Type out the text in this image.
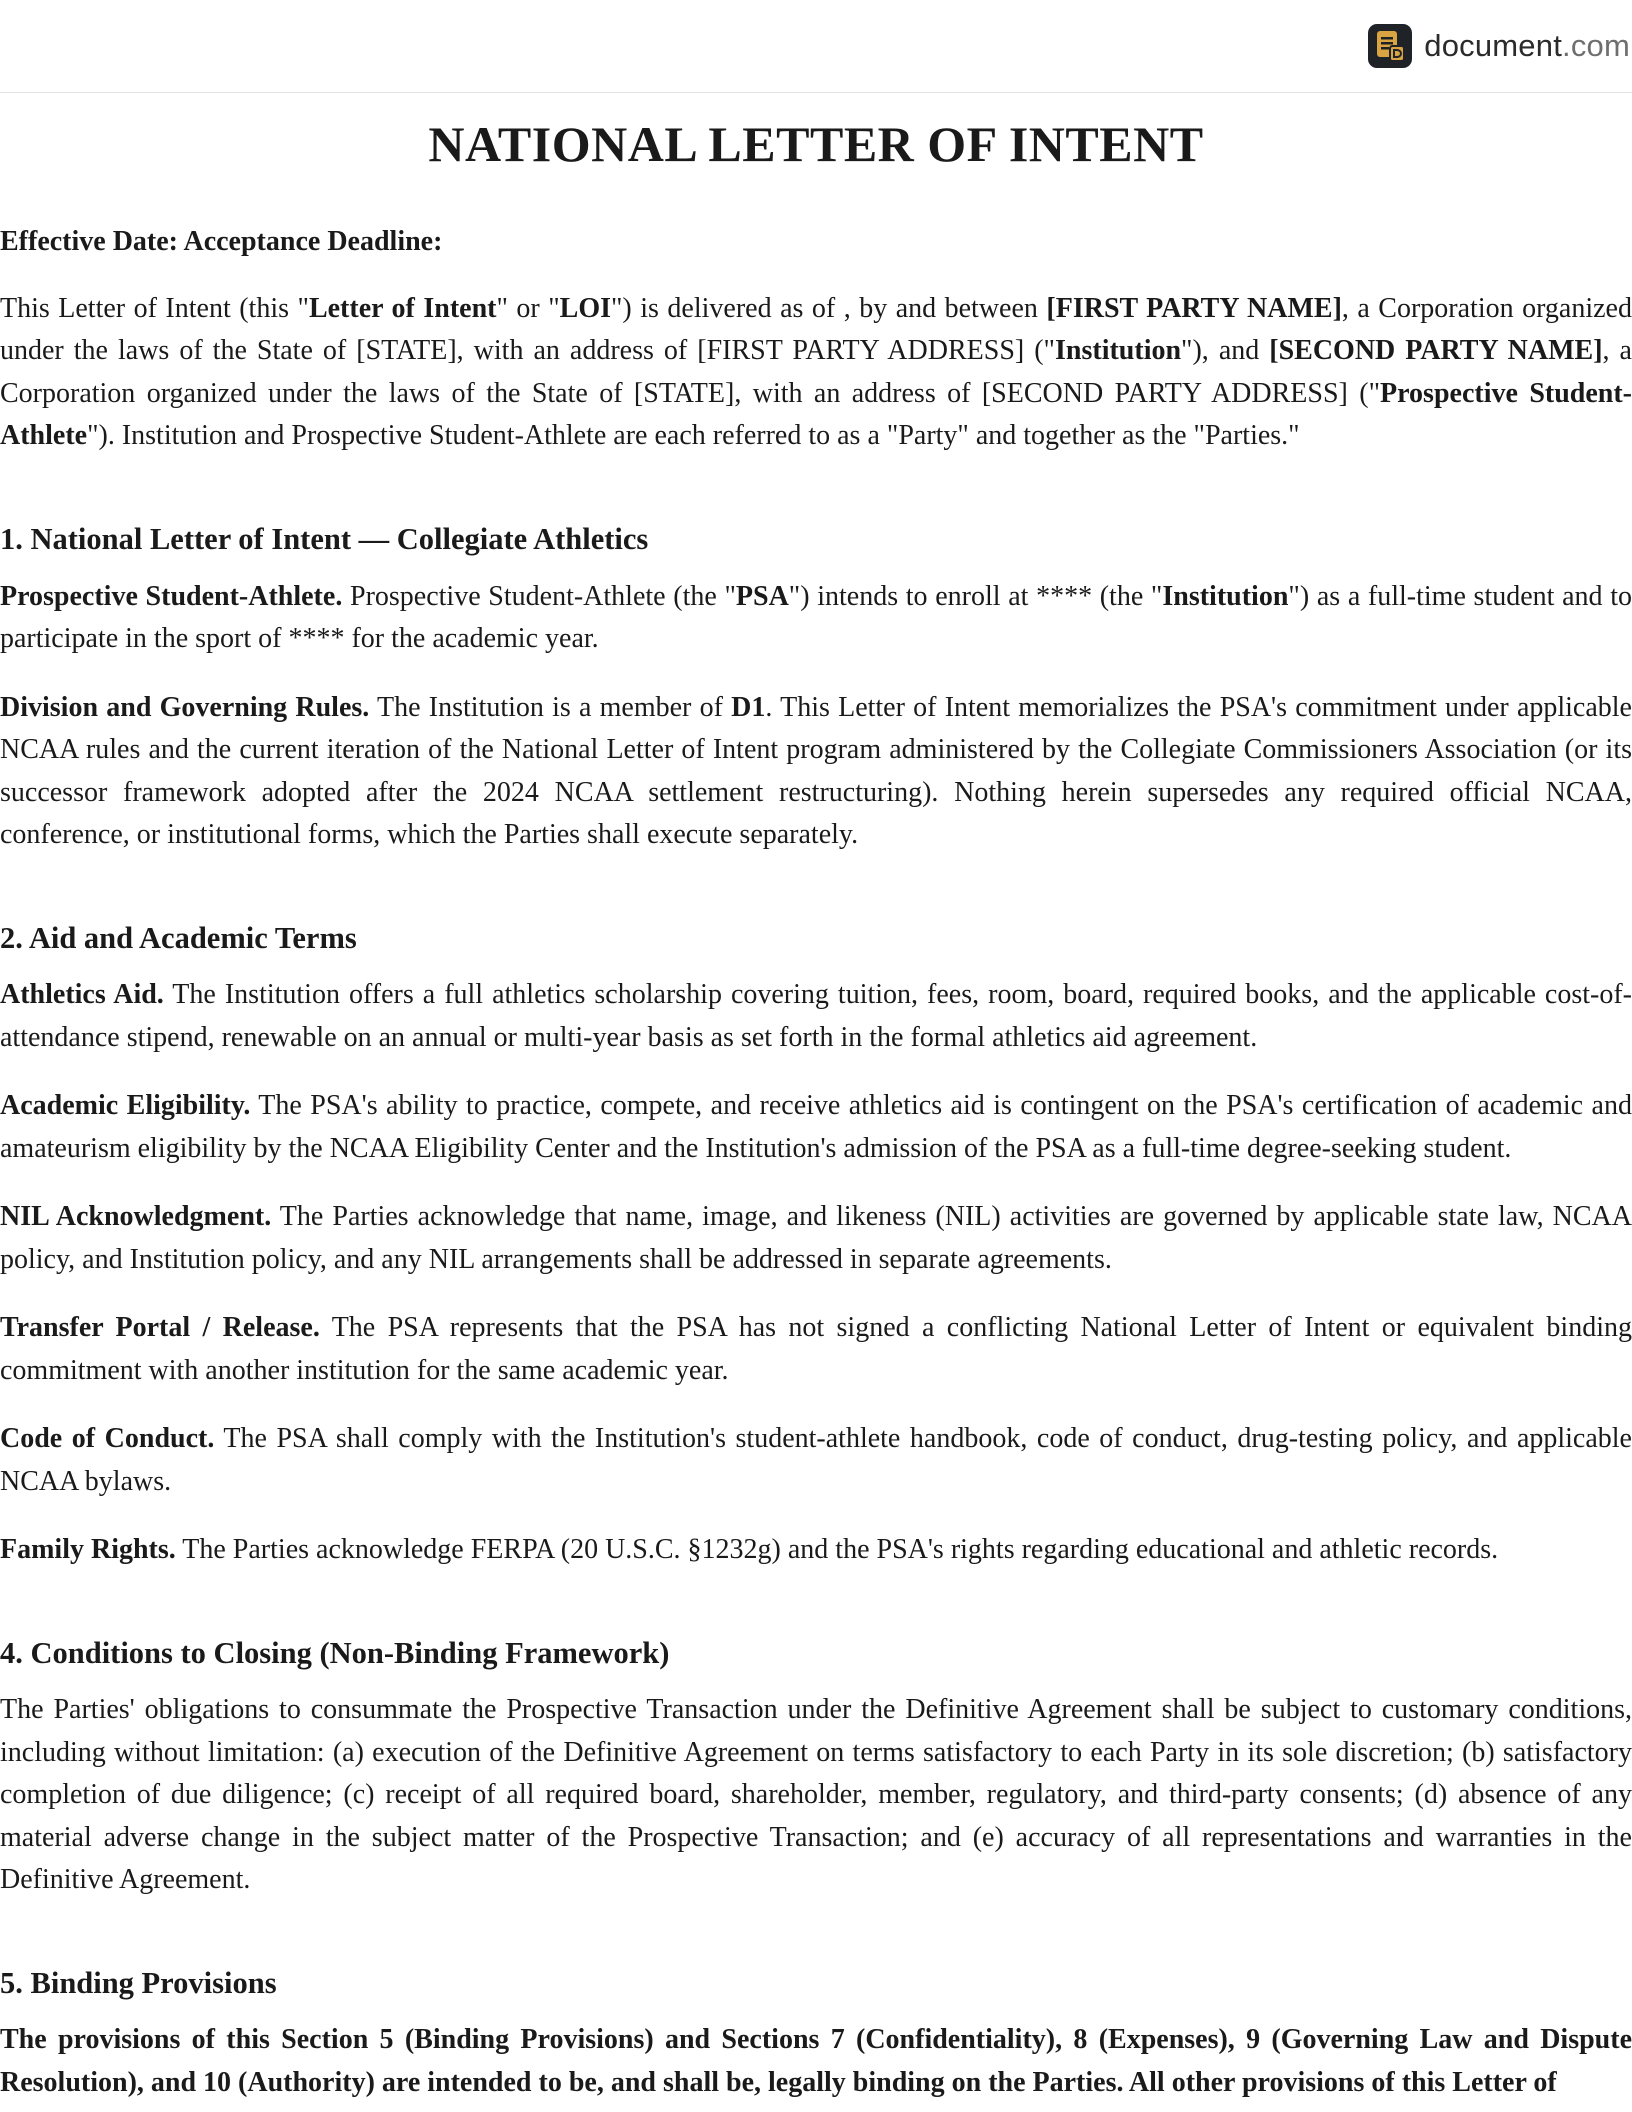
document.com
NATIONAL LETTER OF INTENT
Effective Date: Acceptance Deadline:

This Letter of Intent (this "Letter of Intent" or "LOI") is delivered as of , by and between [FIRST PARTY NAME], a Corporation organized under the laws of the State of [STATE], with an address of [FIRST PARTY ADDRESS] ("Institution"), and [SECOND PARTY NAME], a Corporation organized under the laws of the State of [STATE], with an address of [SECOND PARTY ADDRESS] ("Prospective Student-Athlete"). Institution and Prospective Student-Athlete are each referred to as a "Party" and together as the "Parties."

1. National Letter of Intent — Collegiate Athletics

Prospective Student-Athlete. Prospective Student-Athlete (the "PSA") intends to enroll at **** (the "Institution") as a full-time student and to participate in the sport of **** for the academic year.

Division and Governing Rules. The Institution is a member of D1. This Letter of Intent memorializes the PSA's commitment under applicable NCAA rules and the current iteration of the National Letter of Intent program administered by the Collegiate Commissioners Association (or its successor framework adopted after the 2024 NCAA settlement restructuring). Nothing herein supersedes any required official NCAA, conference, or institutional forms, which the Parties shall execute separately.

2. Aid and Academic Terms

Athletics Aid. The Institution offers a full athletics scholarship covering tuition, fees, room, board, required books, and the applicable cost-of-attendance stipend, renewable on an annual or multi-year basis as set forth in the formal athletics aid agreement.

Academic Eligibility. The PSA's ability to practice, compete, and receive athletics aid is contingent on the PSA's certification of academic and amateurism eligibility by the NCAA Eligibility Center and the Institution's admission of the PSA as a full-time degree-seeking student.

NIL Acknowledgment. The Parties acknowledge that name, image, and likeness (NIL) activities are governed by applicable state law, NCAA policy, and Institution policy, and any NIL arrangements shall be addressed in separate agreements.

Transfer Portal / Release. The PSA represents that the PSA has not signed a conflicting National Letter of Intent or equivalent binding commitment with another institution for the same academic year.

Code of Conduct. The PSA shall comply with the Institution's student-athlete handbook, code of conduct, drug-testing policy, and applicable NCAA bylaws.

Family Rights. The Parties acknowledge FERPA (20 U.S.C. §1232g) and the PSA's rights regarding educational and athletic records.

4. Conditions to Closing (Non-Binding Framework)

The Parties' obligations to consummate the Prospective Transaction under the Definitive Agreement shall be subject to customary conditions, including without limitation: (a) execution of the Definitive Agreement on terms satisfactory to each Party in its sole discretion; (b) satisfactory completion of due diligence; (c) receipt of all required board, shareholder, member, regulatory, and third-party consents; (d) absence of any material adverse change in the subject matter of the Prospective Transaction; and (e) accuracy of all representations and warranties in the Definitive Agreement.

5. Binding Provisions

The provisions of this Section 5 (Binding Provisions) and Sections 7 (Confidentiality), 8 (Expenses), 9 (Governing Law and Dispute Resolution), and 10 (Authority) are intended to be, and shall be, legally binding on the Parties. All other provisions of this Letter of
